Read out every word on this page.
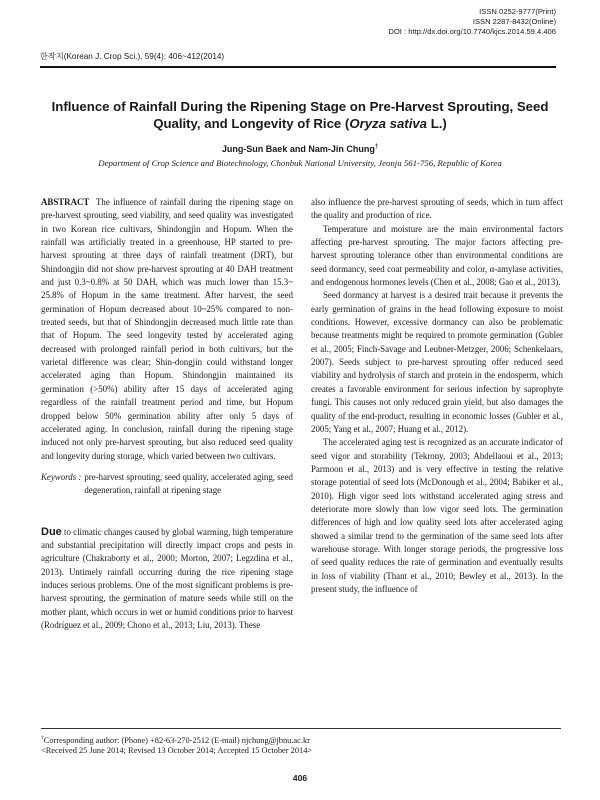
ISSN 0252-9777(Print)
ISSN 2287-8432(Online)
DOI : http://dx.doi.org/10.7740/kjcs.2014.59.4.406
한작지(Korean J. Crop Sci.), 59(4): 406~412(2014)
Influence of Rainfall During the Ripening Stage on Pre-Harvest Sprouting, Seed Quality, and Longevity of Rice (Oryza sativa L.)
Jung-Sun Baek and Nam-Jin Chung†
Department of Crop Science and Biotechnology, Chonbuk National University, Jeonju 561-756, Republic of Korea

ABSTRACT The influence of rainfall during the ripening stage on pre-harvest sprouting, seed viability, and seed quality was investigated in two Korean rice cultivars, Shindongjin and Hopum. When the rainfall was artificially treated in a greenhouse, HP started to pre-harvest sprouting at three days of rainfall treatment (DRT), but Shindongjin did not show pre-harvest sprouting at 40 DAH treatment and just 0.3~0.8% at 50 DAH, which was much lower than 15.3~ 25.8% of Hopum in the same treatment. After harvest, the seed germination of Hopum decreased about 10~25% compared to non-treated seeds, but that of Shindongjin decreased much little rate than that of Hopum. The seed longevity tested by accelerated aging decreased with prolonged rainfall period in both cultivars, but the varietal difference was clear; Shin-dongjin could withstand longer accelerated aging than Hopum. Shindongjin maintained its germination (>50%) ability after 15 days of accelerated aging regardless of the rainfall treatment period and time, but Hopum dropped below 50% germination ability after only 5 days of accelerated aging. In conclusion, rainfall during the ripening stage induced not only pre-harvest sprouting, but also reduced seed quality and longevity during storage, which varied between two cultivars.

Keywords : pre-harvest sprouting, seed quality, accelerated aging, seed degeneration, rainfall at ripening stage

Due to climatic changes caused by global warming, high temperature and substantial precipitation will directly impact crops and pests in agriculture (Chakraborty et al., 2000; Morton, 2007; Legzdina et al., 2013). Untimely rainfall occurring during the rice ripening stage induces serious problems. One of the most significant problems is pre-harvest sprouting, the germination of mature seeds while still on the mother plant, which occurs in wet or humid conditions prior to harvest (Rodríguez et al., 2009; Chono et al., 2013; Liu, 2013). These

also influence the pre-harvest sprouting of seeds, which in turn affect the quality and production of rice.

Temperature and moisture are the main environmental factors affecting pre-harvest sprouting. The major factors affecting pre-harvest sprouting tolerance other than environmental conditions are seed dormancy, seed coat permeability and color, α-amylase activities, and endogenous hormones levels (Chen et al., 2008; Gao et al., 2013).

Seed dormancy at harvest is a desired trait because it prevents the early germination of grains in the head following exposure to moist conditions. However, excessive dormancy can also be problematic because treatments might be required to promote germination (Gubler et al., 2005; Finch-Savage and Leubner-Metzger, 2006; Schenkelaars, 2007). Seeds subject to pre-harvest sprouting offer reduced seed viability and hydrolysis of starch and protein in the endosperm, which creates a favorable environment for serious infection by saprophyte fungi. This causes not only reduced grain yield, but also damages the quality of the end-product, resulting in economic losses (Gubler et al., 2005; Yang et al., 2007; Huang et al., 2012).

The accelerated aging test is recognized as an accurate indicator of seed vigor and storability (Tekrony, 2003; Abdellaoui et al., 2013; Parmoon et al., 2013) and is very effective in testing the relative storage potential of seed lots (McDonough et al., 2004; Babiker et al., 2010). High vigor seed lots withstand accelerated aging stress and deteriorate more slowly than low vigor seed lots. The germination differences of high and low quality seed lots after accelerated aging showed a similar trend to the germination of the same seed lots after warehouse storage. With longer storage periods, the progressive loss of seed quality reduces the rate of germination and eventually results in loss of viability (Thant et al., 2010; Bewley et al., 2013). In the present study, the influence of

†Corresponding author: (Phone) +82-63-270-2512 (E-mail) njchung@jbnu.ac.kr
<Received 25 June 2014; Revised 13 October 2014; Accepted 15 October 2014>
406
